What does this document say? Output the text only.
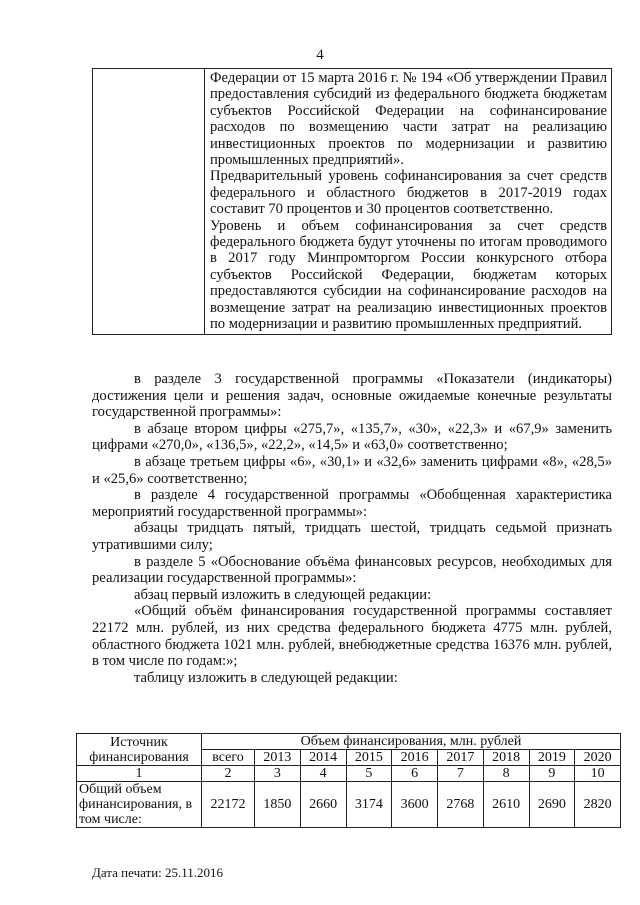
4

Федерации от 15 марта 2016 г. № 194 «Об утверждении Правил предоставления субсидий из федерального бюджета бюджетам субъектов Российской Федерации на софинансирование расходов по возмещению части затрат на реализацию инвестиционных проектов по модернизации и развитию промышленных предприятий».

Предварительный уровень софинансирования за счет средств федерального и областного бюджетов в 2017-2019 годах составит 70 процентов и 30 процентов соответственно.

Уровень и объем софинансирования за счет средств федерального бюджета будут уточнены по итогам проводимого в 2017 году Минпромторгом России конкурсного отбора субъектов Российской Федерации, бюджетам которых предоставляются субсидии на софинансирование расходов на возмещение затрат на реализацию инвестиционных проектов по модернизации и развитию промышленных предприятий.

в разделе 3 государственной программы «Показатели (индикаторы) достижения цели и решения задач, основные ожидаемые конечные результаты государственной программы»:

в абзаце втором цифры «275,7», «135,7», «30», «22,3» и «67,9» заменить цифрами «270,0», «136,5», «22,2», «14,5» и «63,0» соответственно;

в абзаце третьем цифры «6», «30,1» и «32,6» заменить цифрами «8», «28,5» и «25,6» соответственно;

в разделе 4 государственной программы «Обобщенная характеристика мероприятий государственной программы»:

абзацы тридцать пятый, тридцать шестой, тридцать седьмой признать утратившими силу;

в разделе 5 «Обоснование объёма финансовых ресурсов, необходимых для реализации государственной программы»:

абзац первый изложить в следующей редакции:

«Общий объём финансирования государственной программы составляет 22172 млн. рублей, из них средства федерального бюджета 4775 млн. рублей, областного бюджета 1021 млн. рублей, внебюджетные средства 16376 млн. рублей, в том числе по годам:»;

таблицу изложить в следующей редакции:

Источник финансирования	Объем финансирования, млн. рублей								
	всего	2013	2014	2015	2016	2017	2018	2019	2020
1	2	3	4	5	6	7	8	9	10
Общий объем финансирования, в том числе:	22172	1850	2660	3174	3600	2768	2610	2690	2820
Дата печати: 25.11.2016
